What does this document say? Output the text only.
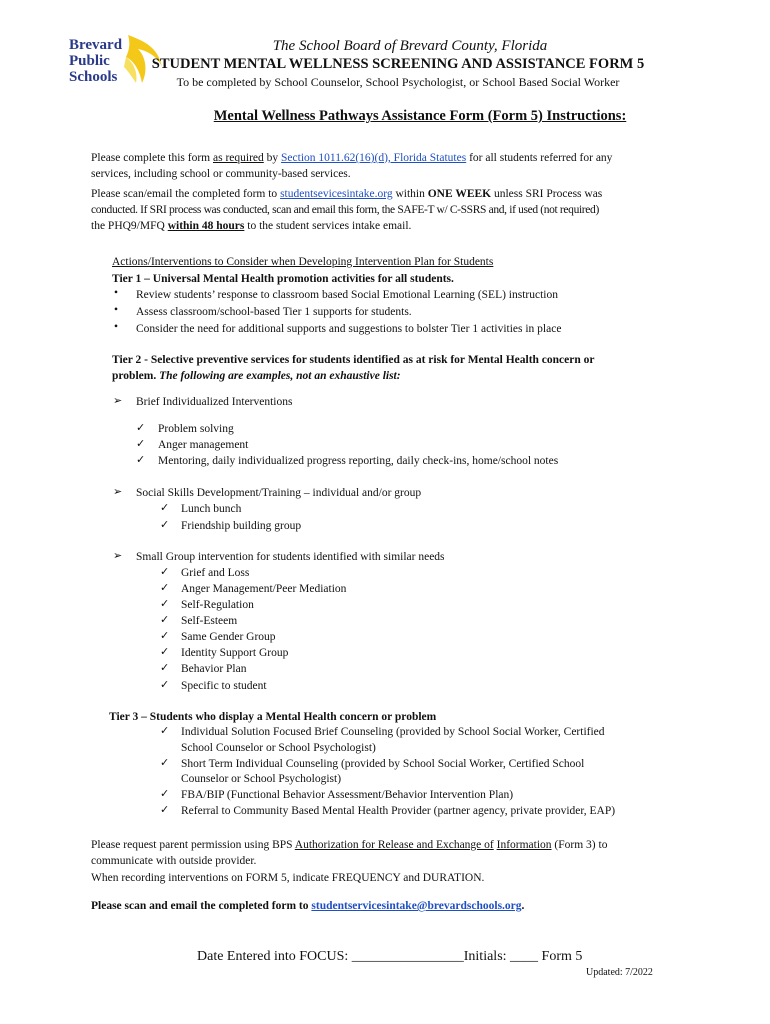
Brevard
Public
Schools
The School Board of Brevard County, Florida
STUDENT MENTAL WELLNESS SCREENING AND ASSISTANCE FORM 5
To be completed by School Counselor, School Psychologist, or School Based Social Worker
Mental Wellness Pathways Assistance Form (Form 5) Instructions:
Please complete this form as required by Section 1011.62(16)(d), Florida Statutes for all students referred for any
services, including school or community-based services.
Please scan/email the completed form to studentsevicesintake.org within ONE WEEK unless SRI Process was
conducted. If SRI process was conducted, scan and email this form, the SAFE-T w/ C-SSRS and, if used (not required)
the PHQ9/MFQ within 48 hours to the student services intake email.
Actions/Interventions to Consider when Developing Intervention Plan for Students
Tier 1 – Universal Mental Health promotion activities for all students.
• Review students’ response to classroom based Social Emotional Learning (SEL) instruction
• Assess classroom/school-based Tier 1 supports for students.
• Consider the need for additional supports and suggestions to bolster Tier 1 activities in place
Tier 2 - Selective preventive services for students identified as at risk for Mental Health concern or
problem. The following are examples, not an exhaustive list:
➢ Brief Individualized Interventions
✓ Problem solving
✓ Anger management
✓ Mentoring, daily individualized progress reporting, daily check-ins, home/school notes
➢ Social Skills Development/Training – individual and/or group
✓ Lunch bunch
✓ Friendship building group
➢ Small Group intervention for students identified with similar needs
✓ Grief and Loss
✓ Anger Management/Peer Mediation
✓ Self-Regulation
✓ Self-Esteem
✓ Same Gender Group
✓ Identity Support Group
✓ Behavior Plan
✓ Specific to student
Tier 3 – Students who display a Mental Health concern or problem
✓ Individual Solution Focused Brief Counseling (provided by School Social Worker, Certified
School Counselor or School Psychologist)
✓ Short Term Individual Counseling (provided by School Social Worker, Certified School
Counselor or School Psychologist)
✓ FBA/BIP (Functional Behavior Assessment/Behavior Intervention Plan)
✓ Referral to Community Based Mental Health Provider (partner agency, private provider, EAP)
Please request parent permission using BPS Authorization for Release and Exchange of Information (Form 3) to
communicate with outside provider.
When recording interventions on FORM 5, indicate FREQUENCY and DURATION.
Please scan and email the completed form to studentservicesintake@brevardschools.org.
Date Entered into FOCUS: ________________Initials: ____ Form 5
Updated: 7/2022
